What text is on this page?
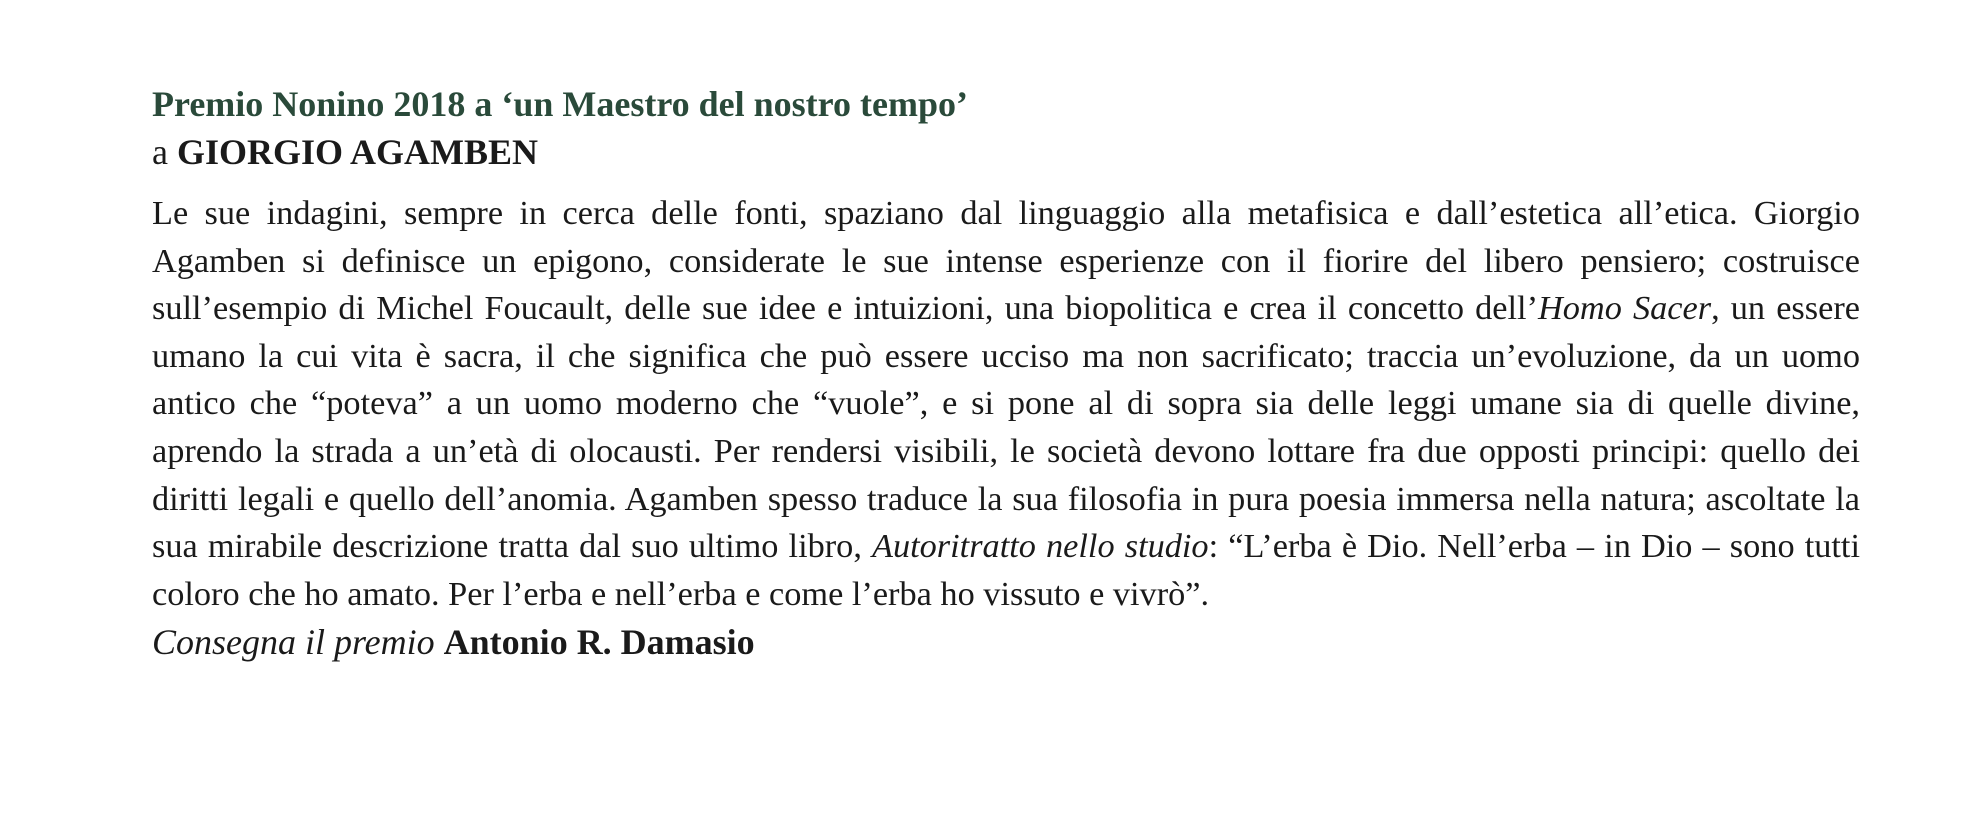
Premio Nonino 2018 a ‘un Maestro del nostro tempo’
a GIORGIO AGAMBEN

Le sue indagini, sempre in cerca delle fonti, spaziano dal linguaggio alla metafisica e dall’estetica all’etica. Giorgio Agamben si definisce un epigono, considerate le sue intense esperienze con il fiorire del libero pensiero; costruisce sull’esempio di Michel Foucault, delle sue idee e intuizioni, una biopolitica e crea il concetto dell’Homo Sacer, un essere umano la cui vita è sacra, il che significa che può essere ucciso ma non sacrificato; traccia un’evoluzione, da un uomo antico che “poteva” a un uomo moderno che “vuole”, e si pone al di sopra sia delle leggi umane sia di quelle divine, aprendo la strada a un’età di olocausti. Per rendersi visibili, le società devono lottare fra due opposti principi: quello dei diritti legali e quello dell’anomia. Agamben spesso traduce la sua filosofia in pura poesia immersa nella natura; ascoltate la sua mirabile descrizione tratta dal suo ultimo libro, Autoritratto nello studio: “L’erba è Dio. Nell’erba – in Dio – sono tutti coloro che ho amato. Per l’erba e nell’erba e come l’erba ho vissuto e vivrò”.

Consegna il premio Antonio R. Damasio
